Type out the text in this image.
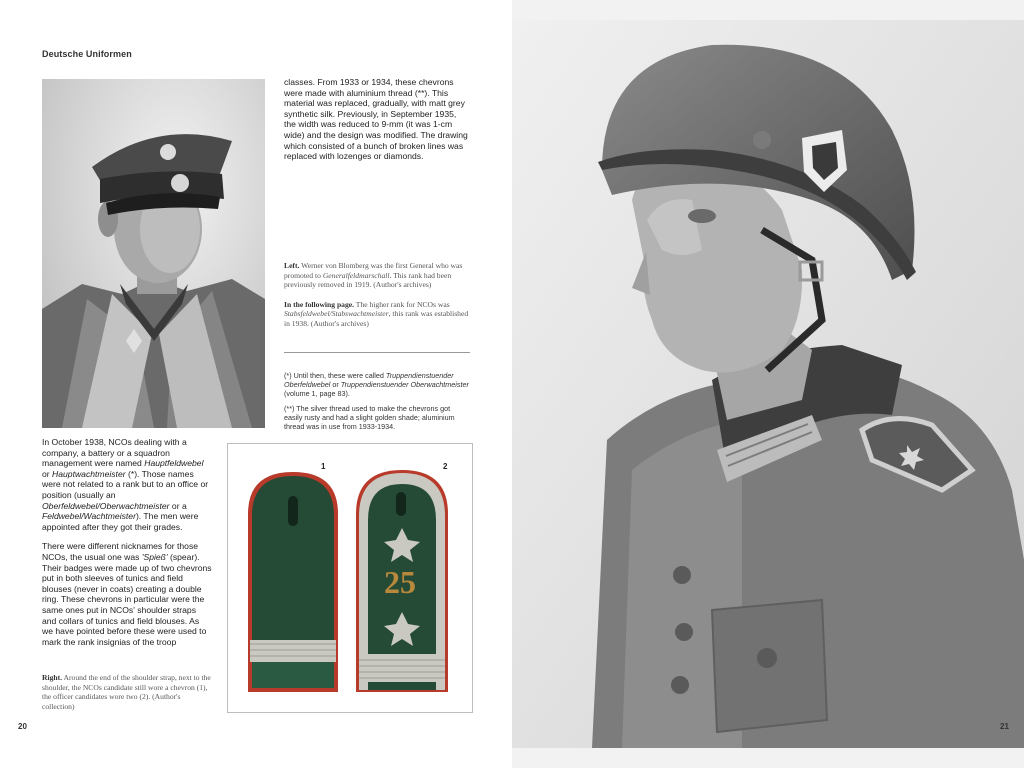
Deutsche Uniformen

classes. From 1933 or 1934, these chevrons were made with aluminium thread (**). This material was replaced, gradually, with matt grey synthetic silk. Previously, in September 1935, the width was reduced to 9-mm (it was 1-cm wide) and the design was modified. The drawing which consisted of a bunch of broken lines was replaced with lozenges or diamonds.

Left. Werner von Blomberg was the first General who was promoted to Generalfeldmarschall. This rank had been previously removed in 1919. (Author's archives)

In the following page. The higher rank for NCOs was Stabsfeldwebel/Stabswachtmeister, this rank was established in 1938. (Author's archives)

(*) Until then, these were called Truppendienstuender Oberfeldwebel or Truppendienstuender Oberwachtmeister (volume 1, page 83).

(**) The silver thread used to make the chevrons got easily rusty and had a slight golden shade; aluminium thread was in use from 1933-1934.

In October 1938, NCOs dealing with a company, a battery or a squadron management were named Hauptfeldwebel or Hauptwachtmeister (*). Those names were not related to a rank but to an office or position (usually an Oberfeldwebel/Oberwachtmeister or a Feldwebel/Wachtmeister). The men were appointed after they got their grades.

There were different nicknames for those NCOs, the usual one was 'Spieß' (spear). Their badges were made up of two chevrons put in both sleeves of tunics and field blouses (never in coats) creating a double ring. These chevrons in particular were the same ones put in NCOs' shoulder straps and collars of tunics and field blouses. As we have pointed before these were used to mark the rank insignias of the troop

Right. Around the end of the shoulder strap, next to the shoulder, the NCOs candidate still wore a chevron (1), the officer candidates wore two (2). (Author's collection)

25
1	2
20	21
